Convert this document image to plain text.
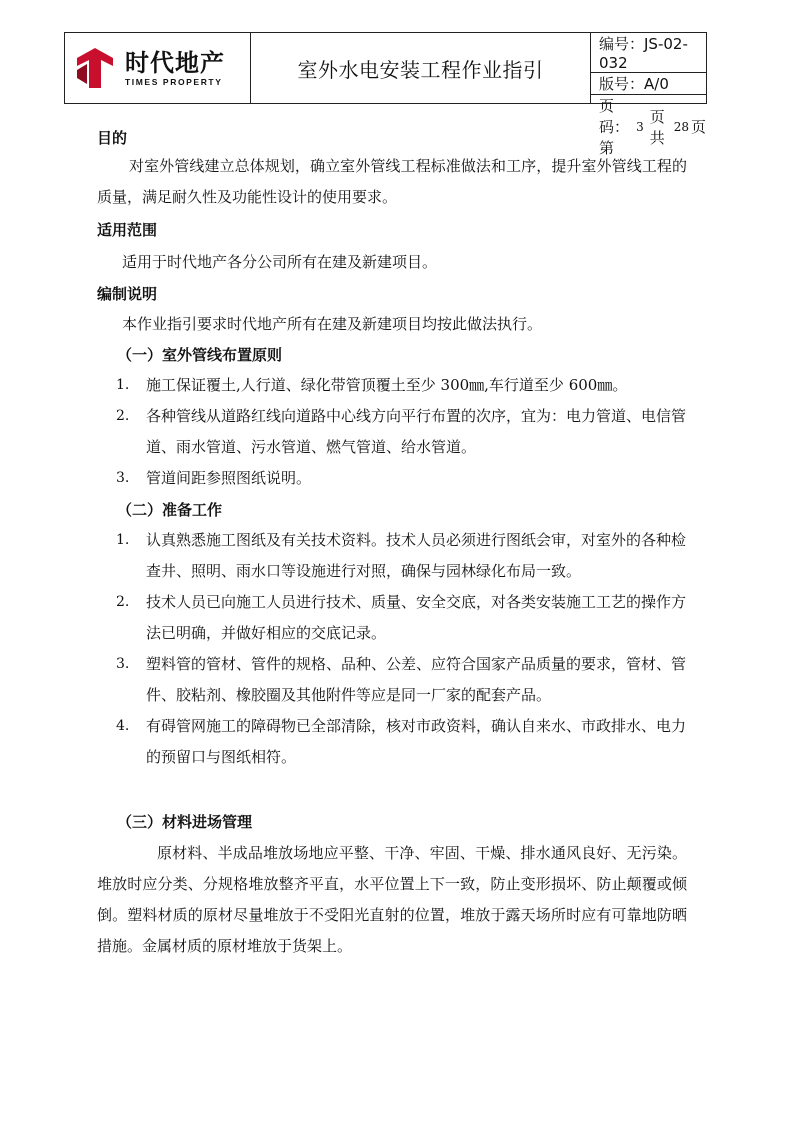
时代地产
TIMES PROPERTY
室外水电安装工程作业指引
编号：JS-02-032
版号：A/0
页码：第
3
页 共
28 页
目的
对室外管线建立总体规划，确立室外管线工程标准做法和工序，提升室外管线工程的质量，满足耐久性及功能性设计的使用要求。
适用范围
适用于时代地产各分公司所有在建及新建项目。
编制说明
本作业指引要求时代地产所有在建及新建项目均按此做法执行。
（一）室外管线布置原则
1. 施工保证覆土,人行道、绿化带管顶覆土至少 300㎜,车行道至少 600㎜。
2. 各种管线从道路红线向道路中心线方向平行布置的次序，宜为：电力管道、电信管道、雨水管道、污水管道、燃气管道、给水管道。
3. 管道间距参照图纸说明。
（二）准备工作
1. 认真熟悉施工图纸及有关技术资料。技术人员必须进行图纸会审，对室外的各种检查井、照明、雨水口等设施进行对照，确保与园林绿化布局一致。
2. 技术人员已向施工人员进行技术、质量、安全交底，对各类安装施工工艺的操作方法已明确，并做好相应的交底记录。
3. 塑料管的管材、管件的规格、品种、公差、应符合国家产品质量的要求，管材、管件、胶粘剂、橡胶圈及其他附件等应是同一厂家的配套产品。
4. 有碍管网施工的障碍物已全部清除，核对市政资料，确认自来水、市政排水、电力的预留口与图纸相符。
（三）材料进场管理
原材料、半成品堆放场地应平整、干净、牢固、干燥、排水通风良好、无污染。堆放时应分类、分规格堆放整齐平直，水平位置上下一致，防止变形损坏、防止颠覆或倾倒。塑料材质的原材尽量堆放于不受阳光直射的位置，堆放于露天场所时应有可靠地防晒措施。金属材质的原材堆放于货架上。
